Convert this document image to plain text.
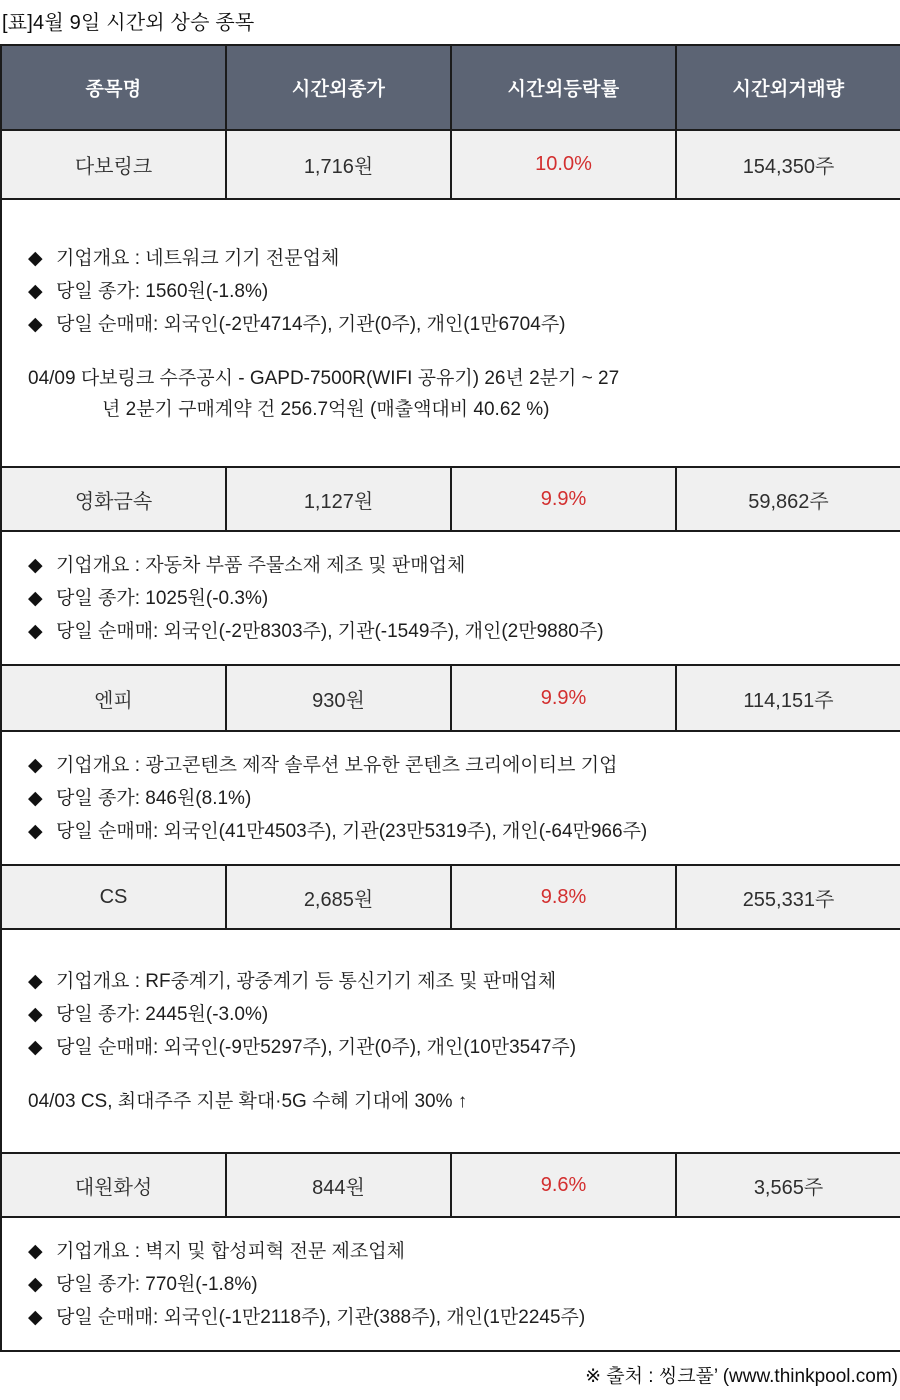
[표]4월 9일 시간외 상승 종목
종목명	시간외종가	시간외등락률	시간외거래량
다보링크	1,716원	10.0%	154,350주

◆ 기업개요 : 네트워크 기기 전문업체
◆ 당일 종가: 1560원(-1.8%)
◆ 당일 순매매: 외국인(-2만4714주), 기관(0주), 개인(1만6704주)
04/09 다보링크 수주공시 - GAPD-7500R(WIFI 공유기) 26년 2분기 ~ 27
년 2분기 구매계약 건 256.7억원 (매출액대비 40.62 %)			

영화금속	1,127원	9.9%	59,862주

◆ 기업개요 : 자동차 부품 주물소재 제조 및 판매업체
◆ 당일 종가: 1025원(-0.3%)
◆ 당일 순매매: 외국인(-2만8303주), 기관(-1549주), 개인(2만9880주)			

엔피	930원	9.9%	114,151주

◆ 기업개요 : 광고콘텐츠 제작 솔루션 보유한 콘텐츠 크리에이티브 기업
◆ 당일 종가: 846원(8.1%)
◆ 당일 순매매: 외국인(41만4503주), 기관(23만5319주), 개인(-64만966주)			

CS	2,685원	9.8%	255,331주

◆ 기업개요 : RF중계기, 광중계기 등 통신기기 제조 및 판매업체
◆ 당일 종가: 2445원(-3.0%)
◆ 당일 순매매: 외국인(-9만5297주), 기관(0주), 개인(10만3547주)
04/03 CS, 최대주주 지분 확대·5G 수혜 기대에 30% ↑			

대원화성	844원	9.6%	3,565주

◆ 기업개요 : 벽지 및 합성피혁 전문 제조업체
◆ 당일 종가: 770원(-1.8%)
◆ 당일 순매매: 외국인(-1만2118주), 기관(388주), 개인(1만2245주)			
※ 출처 : 씽크풀’ (www.thinkpool.com)
